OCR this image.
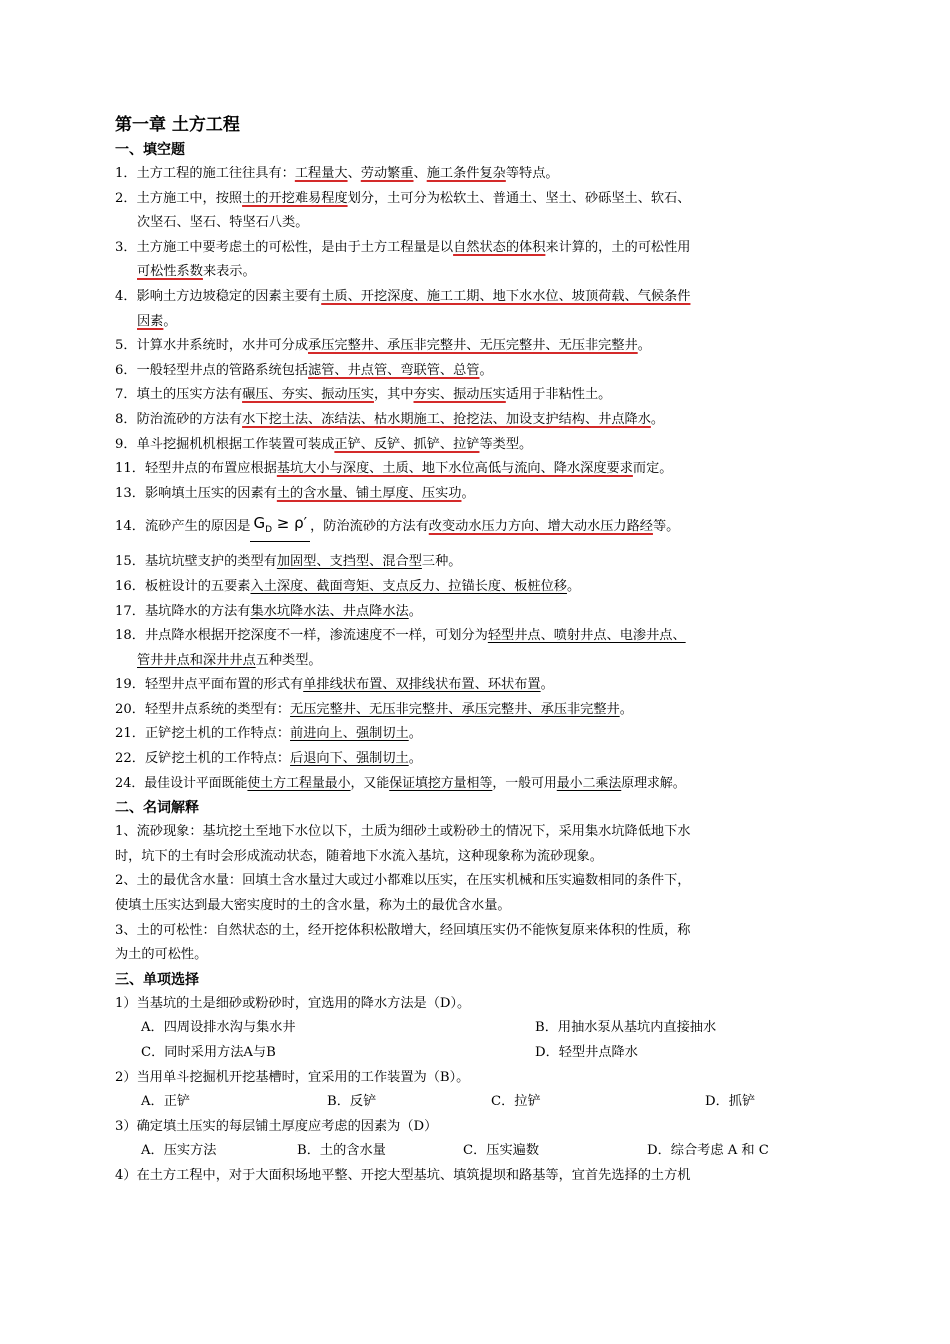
第一章 土方工程
一、填空题
1．土方工程的施工往往具有：工程量大、劳动繁重、施工条件复杂等特点。
2．土方施工中，按照土的开挖难易程度划分，土可分为松软土、普通土、坚土、砂砾坚土、软石、
次坚石、坚石、特坚石八类。
3．土方施工中要考虑土的可松性，是由于土方工程量是以自然状态的体积来计算的，土的可松性用
可松性系数来表示。
4．影响土方边坡稳定的因素主要有土质、开挖深度、施工工期、地下水水位、坡顶荷载、气候条件
因素。
5．计算水井系统时，水井可分成承压完整井、承压非完整井、无压完整井、无压非完整井。
6．一般轻型井点的管路系统包括滤管、井点管、弯联管、总管。
7．填土的压实方法有碾压、夯实、振动压实，其中夯实、振动压实适用于非粘性土。
8．防治流砂的方法有水下挖土法、冻结法、枯水期施工、抢挖法、加设支护结构、井点降水。
9．单斗挖掘机机根据工作装置可装成正铲、反铲、抓铲、拉铲等类型。
11．轻型井点的布置应根据基坑大小与深度、土质、地下水位高低与流向、降水深度要求而定。
13．影响填土压实的因素有土的含水量、铺土厚度、压实功。
14．流砂产生的原因是 $G_D \ge \rho'$ ，防治流砂的方法有改变动水压力方向、增大动水压力路经等。
15．基坑坑壁支护的类型有加固型、支挡型、混合型三种。
16．板桩设计的五要素入土深度、截面弯矩、支点反力、拉锚长度、板桩位移。
17．基坑降水的方法有集水坑降水法、井点降水法。
18．井点降水根据开挖深度不一样，渗流速度不一样，可划分为轻型井点、喷射井点、电渗井点、
管井井点和深井井点五种类型。
19．轻型井点平面布置的形式有单排线状布置、双排线状布置、环状布置。
20．轻型井点系统的类型有：无压完整井、无压非完整井、承压完整井、承压非完整井。
21．正铲挖土机的工作特点：前进向上、强制切土。
22．反铲挖土机的工作特点：后退向下、强制切土。
24．最佳设计平面既能使土方工程量最小，又能保证填挖方量相等，一般可用最小二乘法原理求解。
二、名词解释
1、流砂现象：基坑挖土至地下水位以下，土质为细砂土或粉砂土的情况下，采用集水坑降低地下水
时，坑下的土有时会形成流动状态，随着地下水流入基坑，这种现象称为流砂现象。
2、土的最优含水量：回填土含水量过大或过小都难以压实，在压实机械和压实遍数相同的条件下，
使填土压实达到最大密实度时的土的含水量，称为土的最优含水量。
3、土的可松性：自然状态的土，经开挖体积松散增大，经回填压实仍不能恢复原来体积的性质，称
为土的可松性。
三、单项选择
1）当基坑的土是细砂或粉砂时，宜选用的降水方法是（D）。
A．四周设排水沟与集水井	B．用抽水泵从基坑内直接抽水
C．同时采用方法A与B	D．轻型井点降水
2）当用单斗挖掘机开挖基槽时，宜采用的工作装置为（B）。
A．正铲	B．反铲	C．拉铲	D．抓铲
3）确定填土压实的每层铺土厚度应考虑的因素为（D）
A．压实方法	B．土的含水量	C．压实遍数	D．综合考虑 A 和 C
4）在土方工程中，对于大面积场地平整、开挖大型基坑、填筑提坝和路基等，宜首先选择的土方机
